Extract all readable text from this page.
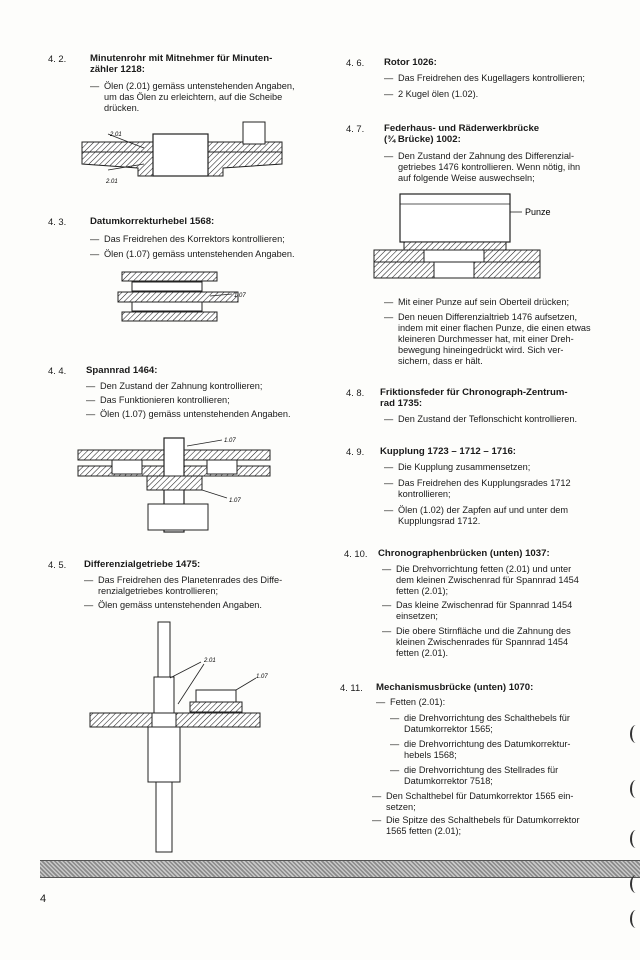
4. 2. Minutenrohr mit Mitnehmer für Minuten-
zähler 1218:
— Ölen (2.01) gemäss untenstehenden Angaben,
um das Ölen zu erleichtern, auf die Scheibe
drücken.
2.01
2.01
4. 3. Datumkorrekturhebel 1568:
— Das Freidrehen des Korrektors kontrollieren;
— Ölen (1.07) gemäss untenstehenden Angaben.
1.07
4. 4. Spannrad 1464:
— Den Zustand der Zahnung kontrollieren;
— Das Funktionieren kontrollieren;
— Ölen (1.07) gemäss untenstehenden Angaben.
1.07
1.07
4. 5. Differenzialgetriebe 1475:
— Das Freidrehen des Planetenrades des Diffe-
renzialgetriebes kontrollieren;
— Ölen gemäss untenstehenden Angaben.
2.01
1.07
4. 6. Rotor 1026:
— Das Freidrehen des Kugellagers kontrollieren;
— 2 Kugel ölen (1.02).
4. 7. Federhaus- und Räderwerkbrücke
(¾ Brücke) 1002:
— Den Zustand der Zahnung des Differenzial-
getriebes 1476 kontrollieren. Wenn nötig, ihn
auf folgende Weise auswechseln;
Punze
— Mit einer Punze auf sein Oberteil drücken;
— Den neuen Differenzialtrieb 1476 aufsetzen,
indem mit einer flachen Punze, die einen etwas
kleineren Durchmesser hat, mit einer Dreh-
bewegung hineingedrückt wird. Sich ver-
sichern, dass er hält.
4. 8. Friktionsfeder für Chronograph-Zentrum-
rad 1735:
— Den Zustand der Teflonschicht kontrollieren.
4. 9. Kupplung 1723 – 1712 – 1716:
— Die Kupplung zusammensetzen;
— Das Freidrehen des Kupplungsrades 1712
kontrollieren;
— Ölen (1.02) der Zapfen auf und unter dem
Kupplungsrad 1712.
4. 10. Chronographenbrücken (unten) 1037:
— Die Drehvorrichtung fetten (2.01) und unter
dem kleinen Zwischenrad für Spannrad 1454
fetten (2.01);
— Das kleine Zwischenrad für Spannrad 1454
einsetzen;
— Die obere Stirnfläche und die Zahnung des
kleinen Zwischenrades für Spannrad 1454
fetten (2.01).
4. 11. Mechanismusbrücke (unten) 1070:
— Fetten (2.01):
— die Drehvorrichtung des Schalthebels für
Datumkorrektor 1565;
— die Drehvorrichtung des Datumkorrektur-
hebels 1568;
— die Drehvorrichtung des Stellrades für
Datumkorrektor 7518;
— Den Schalthebel für Datumkorrektor 1565 ein-
setzen;
— Die Spitze des Schalthebels für Datumkorrektor
1565 fetten (2.01);
4
